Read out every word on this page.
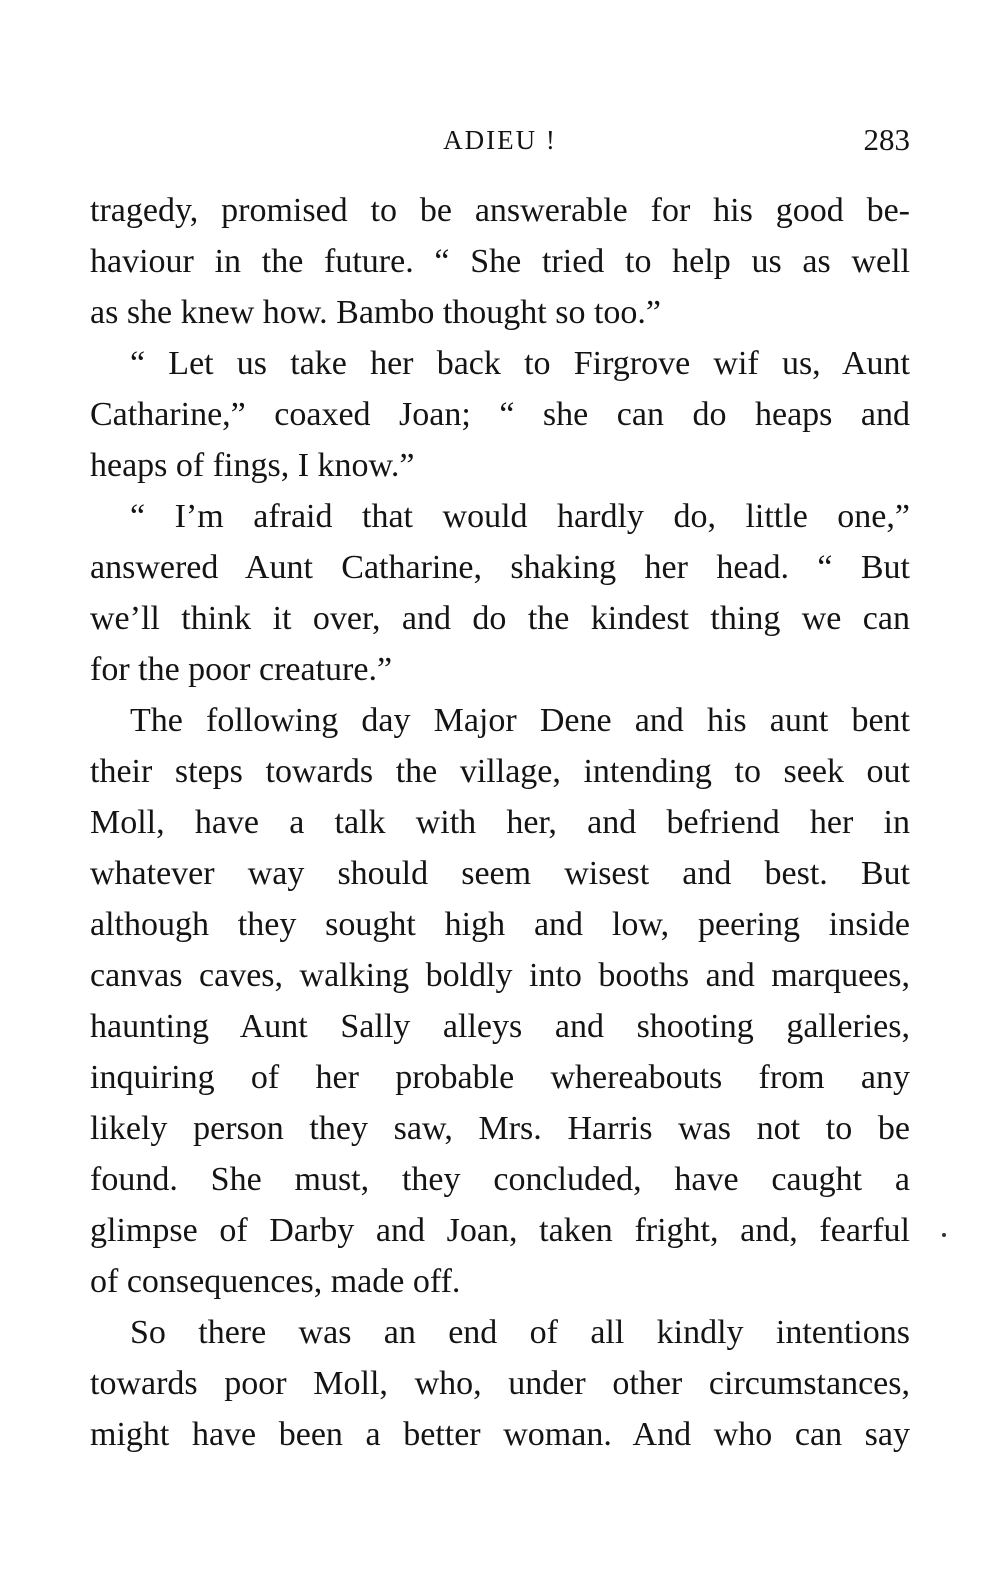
ADIEU !	283
tragedy, promised to be answerable for his good be-
haviour in the future. “ She tried to help us as well
as she knew how. Bambo thought so too.”
“ Let us take her back to Firgrove wif us, Aunt
Catharine,” coaxed Joan; “ she can do heaps and
heaps of fings, I know.”
“ I’m afraid that would hardly do, little one,”
answered Aunt Catharine, shaking her head. “ But
we’ll think it over, and do the kindest thing we can
for the poor creature.”
The following day Major Dene and his aunt bent
their steps towards the village, intending to seek out
Moll, have a talk with her, and befriend her in
whatever way should seem wisest and best. But
although they sought high and low, peering inside
canvas caves, walking boldly into booths and marquees,
haunting Aunt Sally alleys and shooting galleries,
inquiring of her probable whereabouts from any
likely person they saw, Mrs. Harris was not to be
found. She must, they concluded, have caught a
glimpse of Darby and Joan, taken fright, and, fearful
of consequences, made off.
So there was an end of all kindly intentions
towards poor Moll, who, under other circumstances,
might have been a better woman. And who can say
